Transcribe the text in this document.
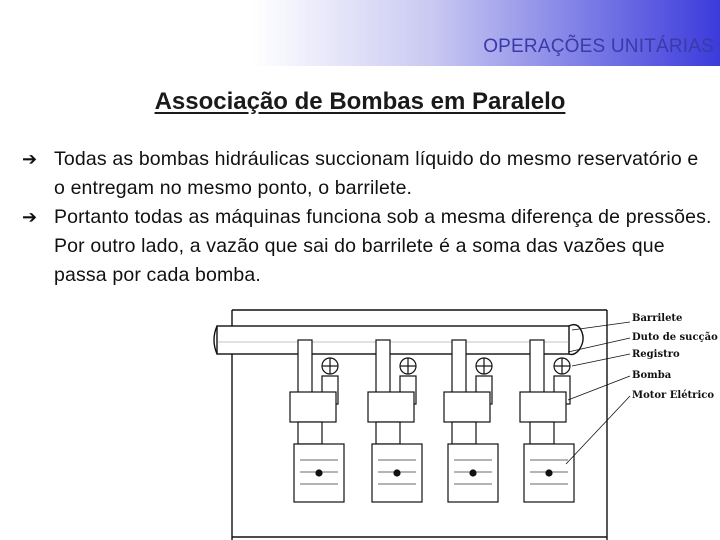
OPERAÇÕES UNITÁRIAS
Associação de Bombas em Paralelo
➔ Todas as bombas hidráulicas succionam líquido do mesmo reservatório e o entregam no mesmo ponto, o barrilete.
➔ Portanto todas as máquinas funciona sob a mesma diferença de pressões. Por outro lado, a vazão que sai do barrilete é a soma das vazões que passa por cada bomba.
Barrilete
Duto de sucção
Registro
Bomba
Motor Elétrico
